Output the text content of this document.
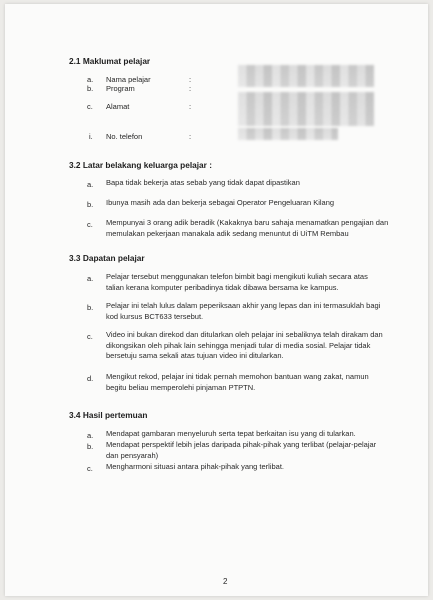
2.1 Maklumat pelajar
a. Nama pelajar	:
b. Program	:
c. Alamat	:
i. No. telefon	:
3.2 Latar belakang keluarga pelajar :
a. Bapa tidak bekerja atas sebab yang tidak dapat dipastikan
b. Ibunya masih ada dan bekerja sebagai Operator Pengeluaran Kilang
c. Mempunyai 3 orang adik beradik (Kakaknya baru sahaja menamatkan pengajian dan memulakan pekerjaan manakala adik sedang menuntut di UiTM Rembau
3.3 Dapatan pelajar
a. Pelajar tersebut menggunakan telefon bimbit bagi mengikuti kuliah secara atas talian kerana komputer peribadinya tidak dibawa bersama ke kampus.
b. Pelajar ini telah lulus dalam peperiksaan akhir yang lepas dan ini termasuklah bagi kod kursus BCT633 tersebut.
c. Video ini bukan direkod dan ditularkan oleh pelajar ini sebaliknya telah dirakam dan dikongsikan oleh pihak lain sehingga menjadi tular di media sosial. Pelajar tidak bersetuju sama sekali atas tujuan video ini ditularkan.
d. Mengikut rekod, pelajar ini tidak pernah memohon bantuan wang zakat, namun begitu beliau memperolehi pinjaman PTPTN.
3.4 Hasil pertemuan
a. Mendapat gambaran menyeluruh serta tepat berkaitan isu yang di tularkan.
b. Mendapat perspektif lebih jelas daripada pihak-pihak yang terlibat (pelajar-pelajar dan pensyarah)
c. Mengharmoni situasi antara pihak-pihak yang terlibat.
2
